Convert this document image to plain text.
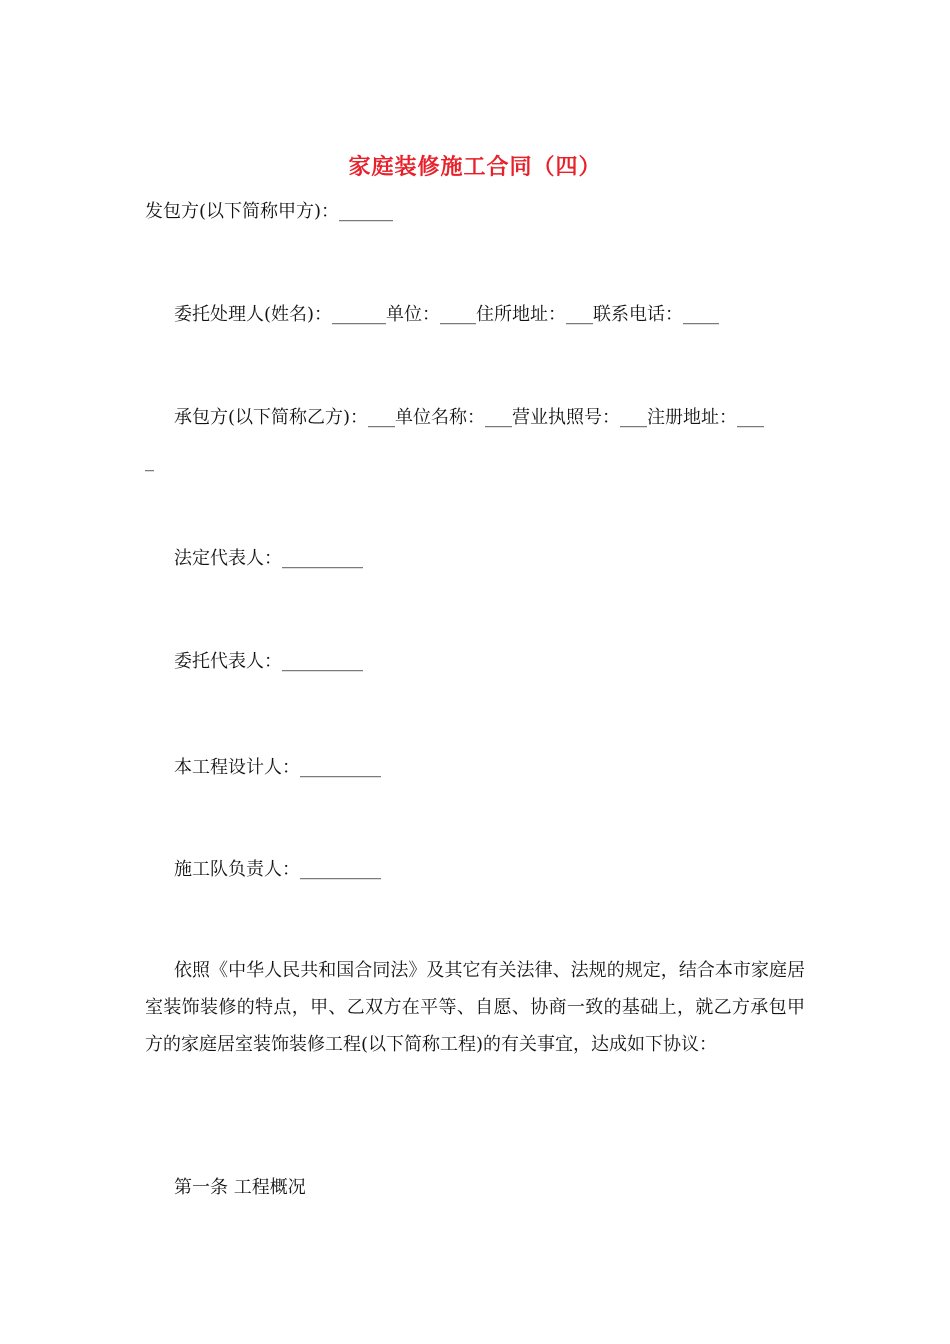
家庭装修施工合同（四）
发包方(以下简称甲方)：______
委托处理人(姓名)：______单位：____住所地址：___联系电话：____
承包方(以下简称乙方)：___单位名称：___营业执照号：___注册地址：___
_
法定代表人：_________
委托代表人：_________
本工程设计人：_________
施工队负责人：_________
依照《中华人民共和国合同法》及其它有关法律、法规的规定，结合本市家庭居室装饰装修的特点，甲、乙双方在平等、自愿、协商一致的基础上，就乙方承包甲方的家庭居室装饰装修工程(以下简称工程)的有关事宜，达成如下协议：
第一条 工程概况
